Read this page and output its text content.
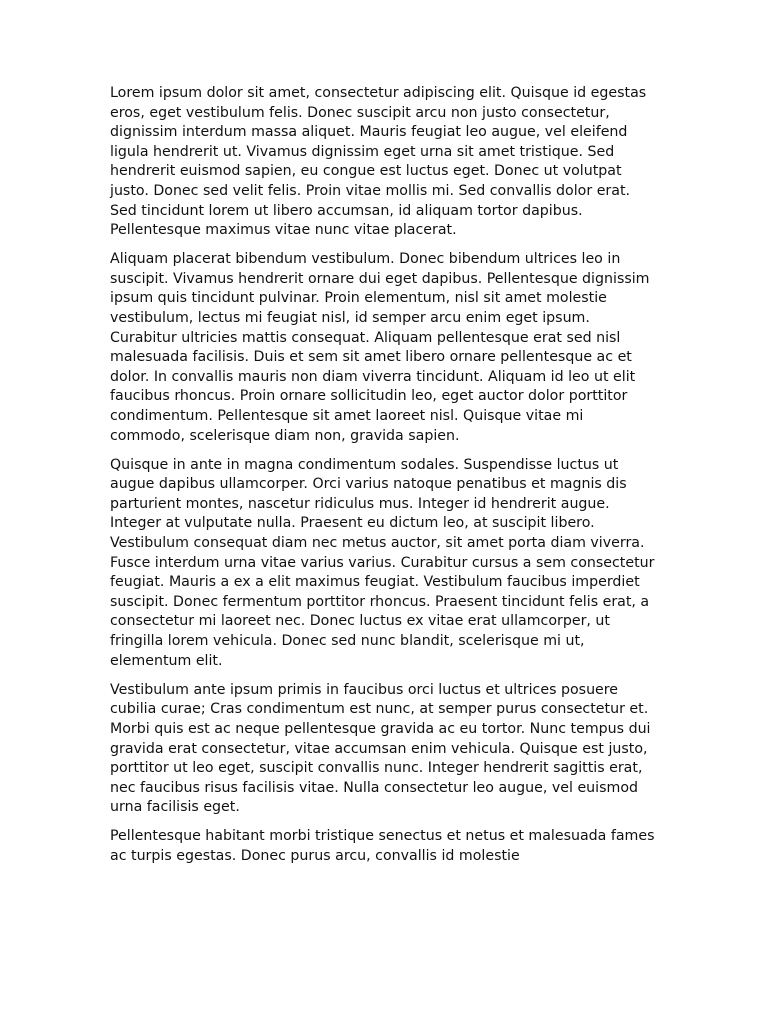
Lorem ipsum dolor sit amet, consectetur adipiscing elit. Quisque id egestas eros, eget vestibulum felis. Donec suscipit arcu non justo consectetur, dignissim interdum massa aliquet. Mauris feugiat leo augue, vel eleifend ligula hendrerit ut. Vivamus dignissim eget urna sit amet tristique. Sed hendrerit euismod sapien, eu congue est luctus eget. Donec ut volutpat justo. Donec sed velit felis. Proin vitae mollis mi. Sed convallis dolor erat. Sed tincidunt lorem ut libero accumsan, id aliquam tortor dapibus. Pellentesque maximus vitae nunc vitae placerat.

Aliquam placerat bibendum vestibulum. Donec bibendum ultrices leo in suscipit. Vivamus hendrerit ornare dui eget dapibus. Pellentesque dignissim ipsum quis tincidunt pulvinar. Proin elementum, nisl sit amet molestie vestibulum, lectus mi feugiat nisl, id semper arcu enim eget ipsum. Curabitur ultricies mattis consequat. Aliquam pellentesque erat sed nisl malesuada facilisis. Duis et sem sit amet libero ornare pellentesque ac et dolor. In convallis mauris non diam viverra tincidunt. Aliquam id leo ut elit faucibus rhoncus. Proin ornare sollicitudin leo, eget auctor dolor porttitor condimentum. Pellentesque sit amet laoreet nisl. Quisque vitae mi commodo, scelerisque diam non, gravida sapien.

Quisque in ante in magna condimentum sodales. Suspendisse luctus ut augue dapibus ullamcorper. Orci varius natoque penatibus et magnis dis parturient montes, nascetur ridiculus mus. Integer id hendrerit augue. Integer at vulputate nulla. Praesent eu dictum leo, at suscipit libero. Vestibulum consequat diam nec metus auctor, sit amet porta diam viverra. Fusce interdum urna vitae varius varius. Curabitur cursus a sem consectetur feugiat. Mauris a ex a elit maximus feugiat. Vestibulum faucibus imperdiet suscipit. Donec fermentum porttitor rhoncus. Praesent tincidunt felis erat, a consectetur mi laoreet nec. Donec luctus ex vitae erat ullamcorper, ut fringilla lorem vehicula. Donec sed nunc blandit, scelerisque mi ut, elementum elit.

Vestibulum ante ipsum primis in faucibus orci luctus et ultrices posuere cubilia curae; Cras condimentum est nunc, at semper purus consectetur et. Morbi quis est ac neque pellentesque gravida ac eu tortor. Nunc tempus dui gravida erat consectetur, vitae accumsan enim vehicula. Quisque est justo, porttitor ut leo eget, suscipit convallis nunc. Integer hendrerit sagittis erat, nec faucibus risus facilisis vitae. Nulla consectetur leo augue, vel euismod urna facilisis eget.

Pellentesque habitant morbi tristique senectus et netus et malesuada fames ac turpis egestas. Donec purus arcu, convallis id molestie
